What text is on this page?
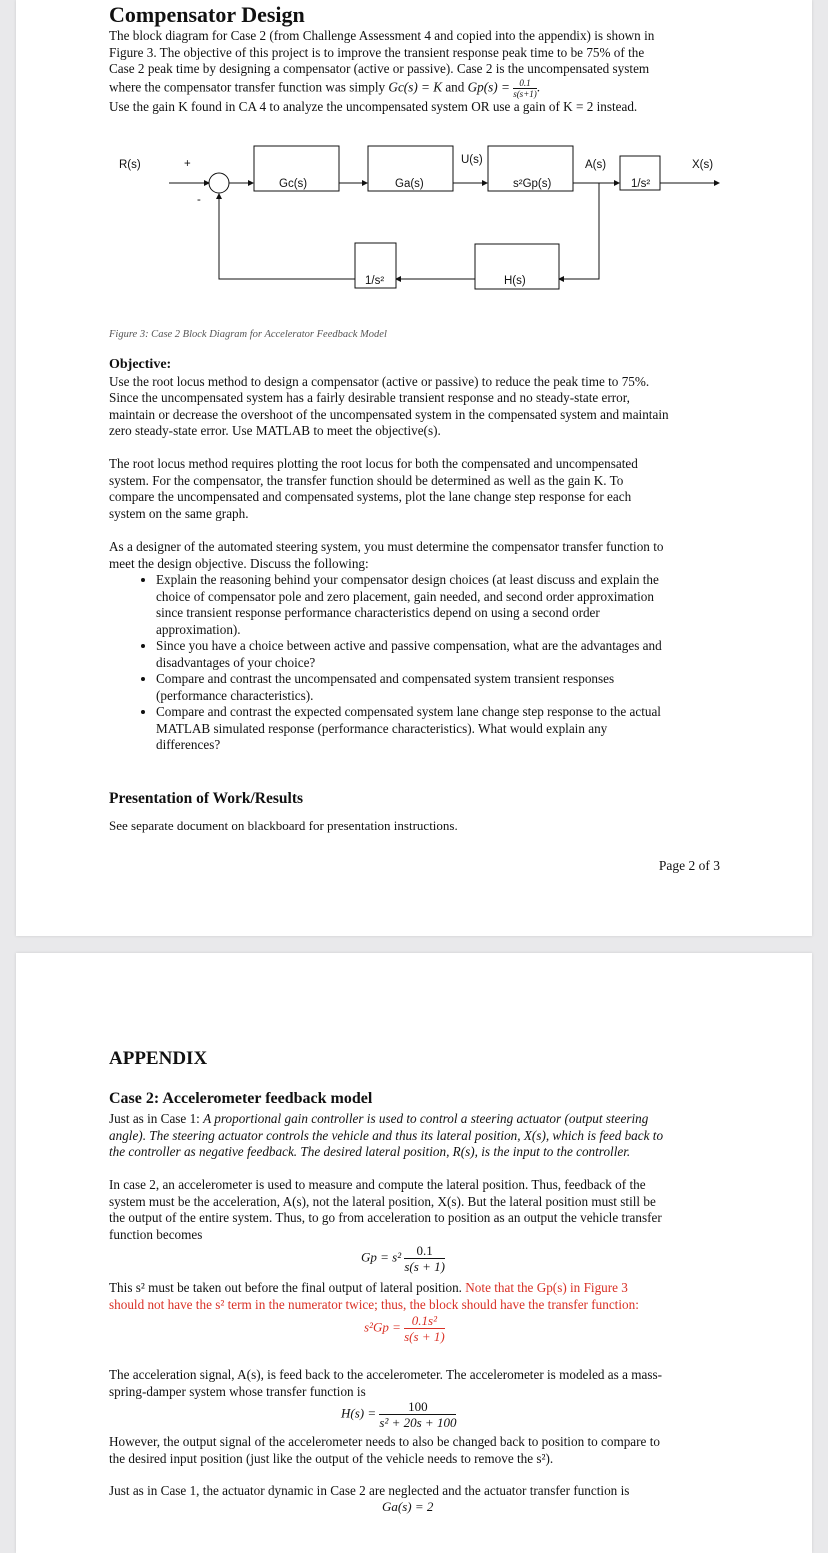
Compensator Design

The block diagram for Case 2 (from Challenge Assessment 4 and copied into the appendix) is shown in

Figure 3. The objective of this project is to improve the transient response peak time to be 75% of the

Case 2 peak time by designing a compensator (active or passive). Case 2 is the uncompensated system

where the compensator transfer function was simply Gc(s) = K and $Gp(s) = \frac{0.1}{s(s+1)}$ .

Use the gain K found in CA 4 to analyze the uncompensated system OR use a gain of K = 2 instead.

R(s)	+
-
Gc(s)	Ga(s)
U(s)
s²Gp(s)
A(s)
1/s²
X(s)
H(s)
1/s²
Figure 3: Case 2 Block Diagram for Accelerator Feedback Model

Objective:

Use the root locus method to design a compensator (active or passive) to reduce the peak time to 75%.

Since the uncompensated system has a fairly desirable transient response and no steady-state error,

maintain or decrease the overshoot of the uncompensated system in the compensated system and maintain

zero steady-state error. Use MATLAB to meet the objective(s).

The root locus method requires plotting the root locus for both the compensated and uncompensated

system. For the compensator, the transfer function should be determined as well as the gain K. To

compare the uncompensated and compensated systems, plot the lane change step response for each

system on the same graph.

As a designer of the automated steering system, you must determine the compensator transfer function to

meet the design objective. Discuss the following:

• Explain the reasoning behind your compensator design choices (at least discuss and explain the
choice of compensator pole and zero placement, gain needed, and second order approximation
since transient response performance characteristics depend on using a second order
approximation).
• Since you have a choice between active and passive compensation, what are the advantages and
disadvantages of your choice?
• Compare and contrast the uncompensated and compensated system transient responses
(performance characteristics).
• Compare and contrast the expected compensated system lane change step response to the actual
MATLAB simulated response (performance characteristics). What would explain any
differences?
Presentation of Work/Results
See separate document on blackboard for presentation instructions.
Page 2 of 3
APPENDIX
Case 2: Accelerometer feedback model

Just as in Case 1: A proportional gain controller is used to control a steering actuator (output steering

angle). The steering actuator controls the vehicle and thus its lateral position, X(s), which is feed back to

the controller as negative feedback. The desired lateral position, R(s), is the input to the controller.

In case 2, an accelerometer is used to measure and compute the lateral position. Thus, feedback of the

system must be the acceleration, A(s), not the lateral position, X(s). But the lateral position must still be

the output of the entire system. Thus, to go from acceleration to position as an output the vehicle transfer

function becomes

$Gp = s^2 \frac{0.1}{s(s + 1)}$

This s² must be taken out before the final output of lateral position. Note that the Gp(s) in Figure 3

should not have the s² term in the numerator twice; thus, the block should have the transfer function:

$s^2Gp = \frac{\text{0.1s²}}{s(s + 1)}$

The acceleration signal, A(s), is feed back to the accelerometer. The accelerometer is modeled as a mass-

spring-damper system whose transfer function is

$H(s) = \frac{100}{\text{s² + 20s + 100}}$

However, the output signal of the accelerometer needs to also be changed back to position to compare to

the desired input position (just like the output of the vehicle needs to remove the s²).

Just as in Case 1, the actuator dynamic in Case 2 are neglected and the actuator transfer function is

Ga(s) = 2
